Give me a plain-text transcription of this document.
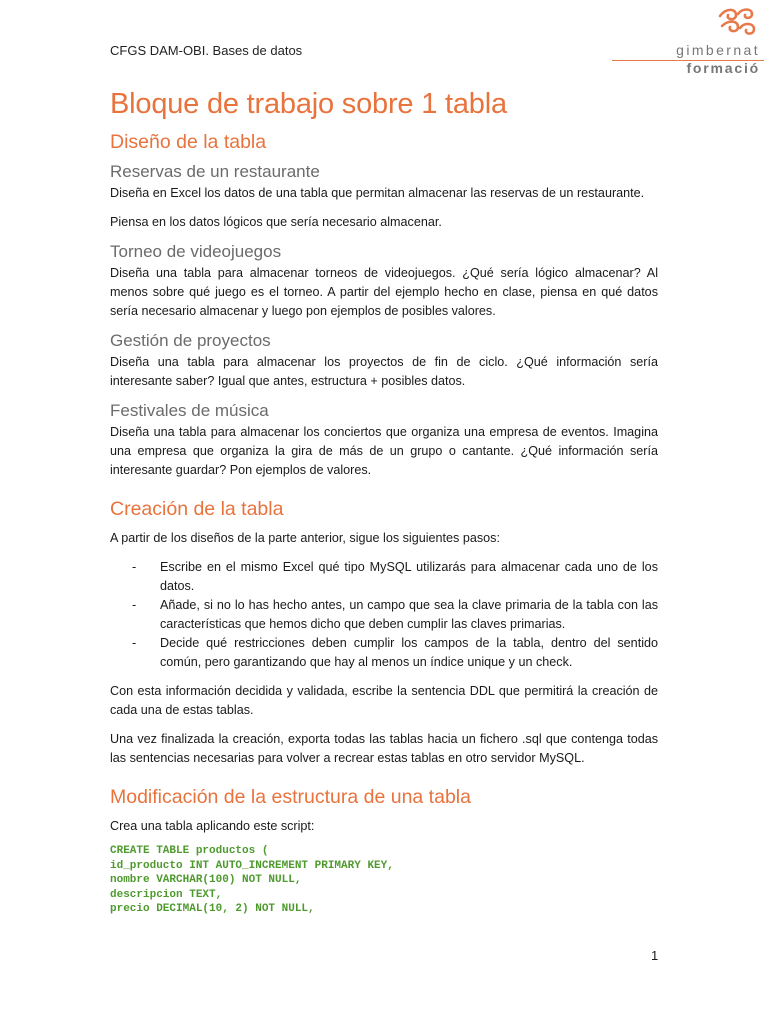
CFGS DAM-OBI. Bases de datos	gimbernat
formació
Bloque de trabajo sobre 1 tabla
Diseño de la tabla
Reservas de un restaurante

Diseña en Excel los datos de una tabla que permitan almacenar las reservas de un restaurante.

Piensa en los datos lógicos que sería necesario almacenar.

Torneo de videojuegos

Diseña una tabla para almacenar torneos de videojuegos. ¿Qué sería lógico almacenar? Al menos sobre qué juego es el torneo. A partir del ejemplo hecho en clase, piensa en qué datos sería necesario almacenar y luego pon ejemplos de posibles valores.

Gestión de proyectos

Diseña una tabla para almacenar los proyectos de fin de ciclo. ¿Qué información sería interesante saber? Igual que antes, estructura + posibles datos.

Festivales de música

Diseña una tabla para almacenar los conciertos que organiza una empresa de eventos. Imagina una empresa que organiza la gira de más de un grupo o cantante. ¿Qué información sería interesante guardar? Pon ejemplos de valores.

Creación de la tabla

A partir de los diseños de la parte anterior, sigue los siguientes pasos:

- Escribe en el mismo Excel qué tipo MySQL utilizarás para almacenar cada uno de los datos.
- Añade, si no lo has hecho antes, un campo que sea la clave primaria de la tabla con las características que hemos dicho que deben cumplir las claves primarias.
- Decide qué restricciones deben cumplir los campos de la tabla, dentro del sentido común, pero garantizando que hay al menos un índice unique y un check.

Con esta información decidida y validada, escribe la sentencia DDL que permitirá la creación de cada una de estas tablas.

Una vez finalizada la creación, exporta todas las tablas hacia un fichero .sql que contenga todas las sentencias necesarias para volver a recrear estas tablas en otro servidor MySQL.

Modificación de la estructura de una tabla

Crea una tabla aplicando este script:

CREATE TABLE productos (
id_producto INT AUTO_INCREMENT PRIMARY KEY,
nombre VARCHAR(100) NOT NULL,
descripcion TEXT,
precio DECIMAL(10, 2) NOT NULL,
1
